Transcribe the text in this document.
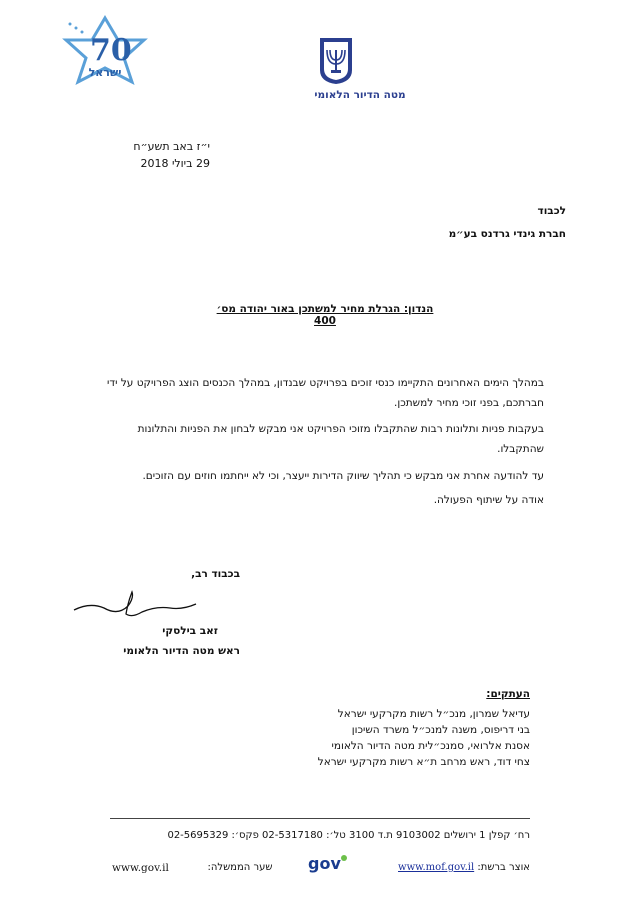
70
ישראל
מטה הדיור הלאומי
י״ז באב תשע״ח
29 ביולי 2018
לכבוד
חברת גינדי גרדנס בע״מ
הנדון: הגרלת מחיר למשתכן באור יהודה מס׳ 400
במהלך הימים האחרונים התקיימו כנסי זוכים בפרויקט שבנדון, במהלך הכנסים הוצג הפרויקט על ידי חברתכם, בפני זוכי מחיר למשתכן.
בעקבות פניות ותלונות רבות שהתקבלו מזוכי הפרויקט אני מבקש לבחון את הפניות והתלונות שהתקבלו.
עד להודעה אחרת אני מבקש כי תהליך שיווק הדירות ייעצר, וכי לא ייחתמו חוזים עם הזוכים.
אודה על שיתוף הפעולה.
בכבוד רב,
זאב בילסקי
ראש מטה הדיור הלאומי
העתקים:
עדיאל שמרון, מנכ״ל רשות מקרקעי ישראל
בני דריפוס, משנה למנכ״ל משרד השיכון
אסנת אלרואי, סמנכ״לית מטה הדיור הלאומי
צחי דוד, ראש מרחב ת״א רשות מקרקעי ישראל
רח׳ קפלן 1 ירושלים 9103002 ת.ד 3100 טל׳: 02-5317180 פקס׳: 02-5695329
www.gov.il	שער הממשלה:	gov	אוצר ברשת: www.mof.gov.il
